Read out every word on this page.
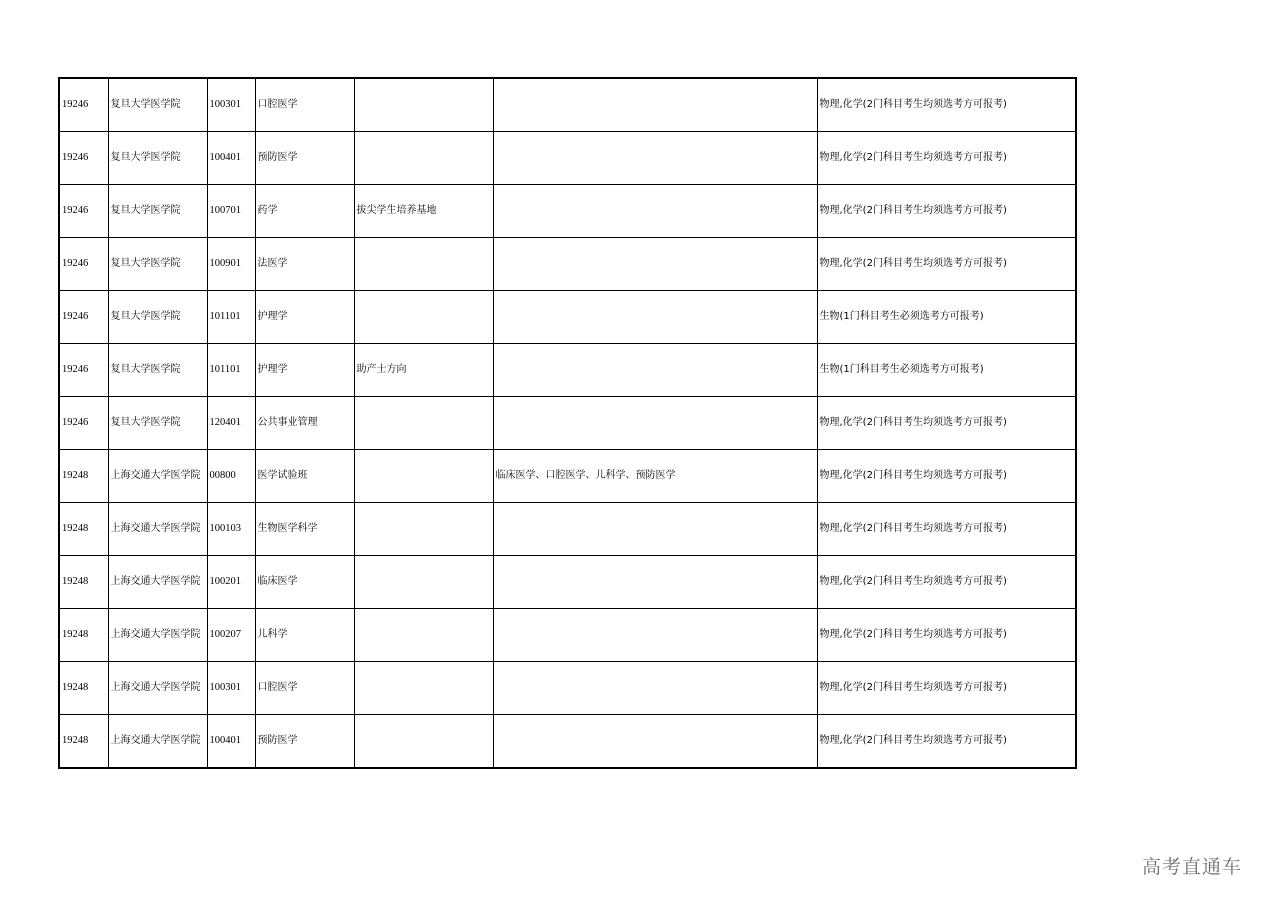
19246	复旦大学医学院	100301	口腔医学			物理,化学(2门科目考生均须选考方可报考)
19246	复旦大学医学院	100401	预防医学			物理,化学(2门科目考生均须选考方可报考)
19246	复旦大学医学院	100701	药学	拔尖学生培养基地		物理,化学(2门科目考生均须选考方可报考)
19246	复旦大学医学院	100901	法医学			物理,化学(2门科目考生均须选考方可报考)
19246	复旦大学医学院	101101	护理学			生物(1门科目考生必须选考方可报考)
19246	复旦大学医学院	101101	护理学	助产士方向		生物(1门科目考生必须选考方可报考)
19246	复旦大学医学院	120401	公共事业管理			物理,化学(2门科目考生均须选考方可报考)
19248	上海交通大学医学院	00800	医学试验班		临床医学、口腔医学、儿科学、预防医学	物理,化学(2门科目考生均须选考方可报考)
19248	上海交通大学医学院	100103	生物医学科学			物理,化学(2门科目考生均须选考方可报考)
19248	上海交通大学医学院	100201	临床医学			物理,化学(2门科目考生均须选考方可报考)
19248	上海交通大学医学院	100207	儿科学			物理,化学(2门科目考生均须选考方可报考)
19248	上海交通大学医学院	100301	口腔医学			物理,化学(2门科目考生均须选考方可报考)
19248	上海交通大学医学院	100401	预防医学			物理,化学(2门科目考生均须选考方可报考)
高考直通车
